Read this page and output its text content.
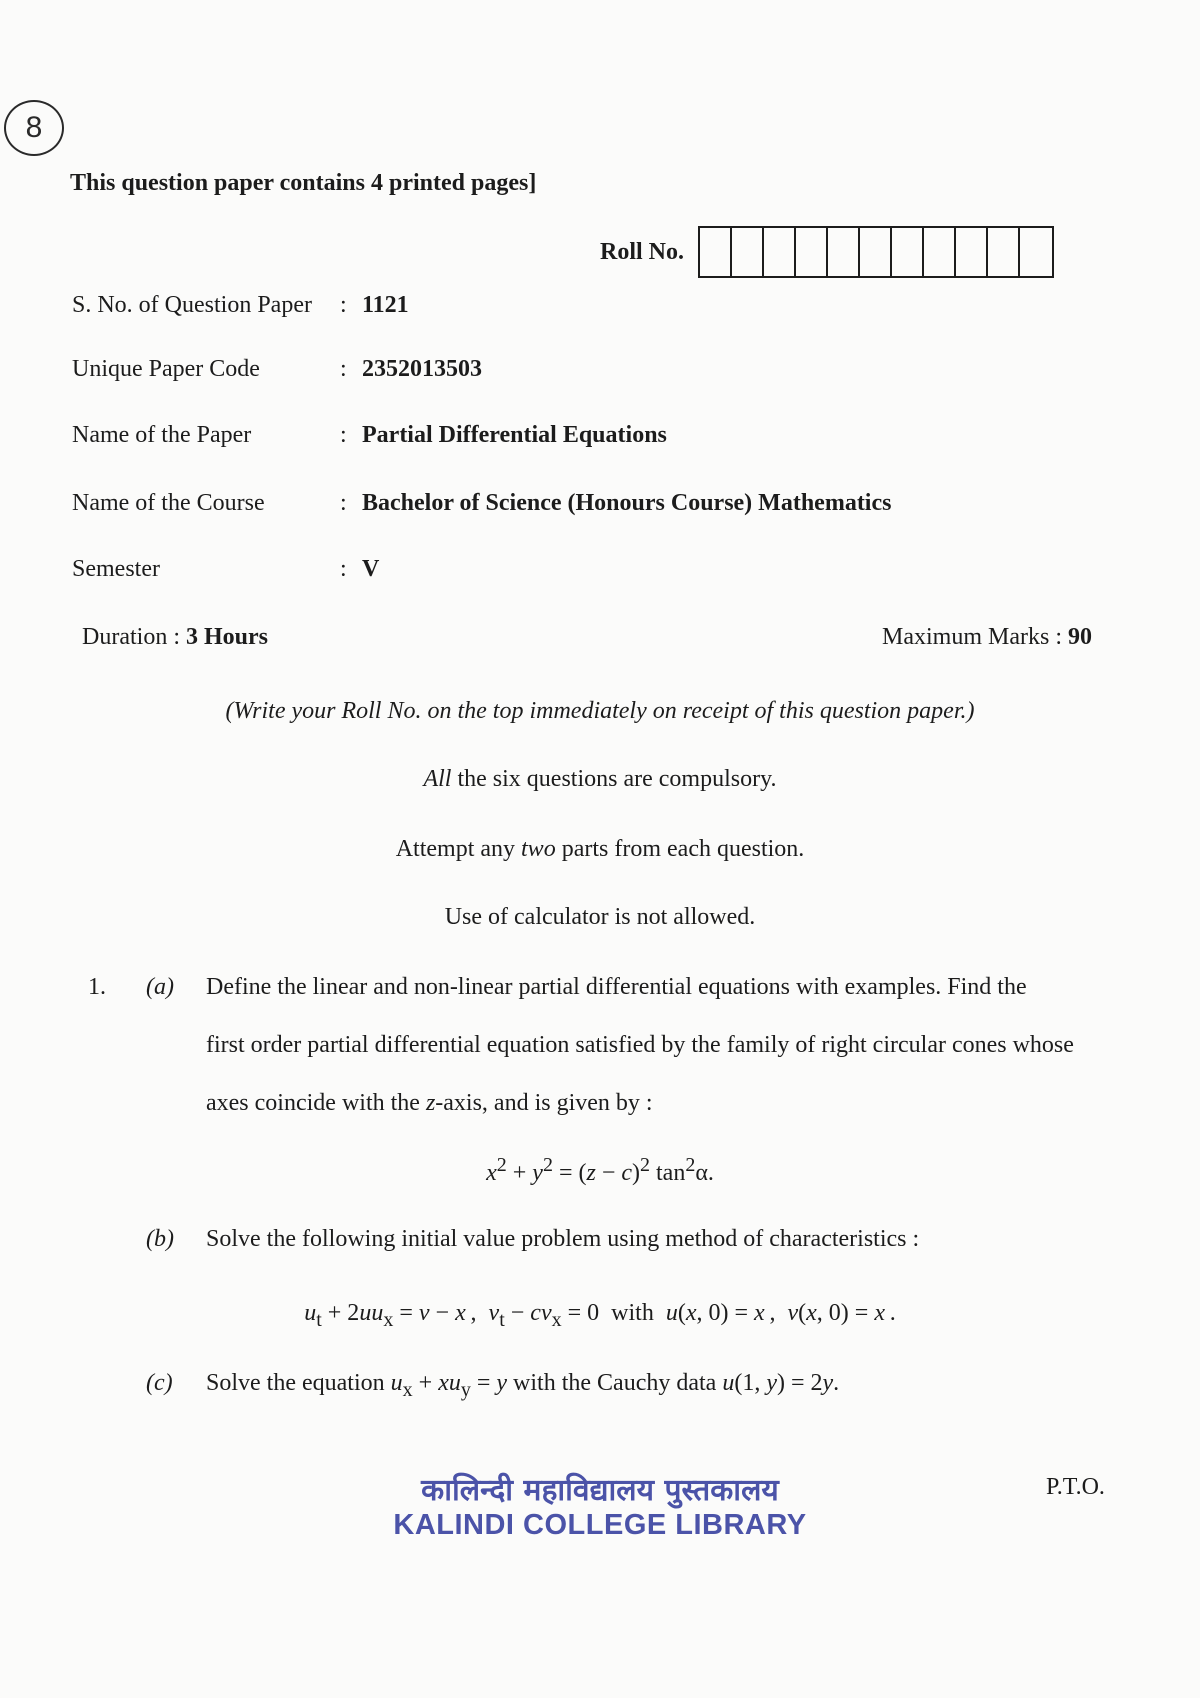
8
This question paper contains 4 printed pages]
Roll No.
S. No. of Question Paper	: 1121
Unique Paper Code	: 2352013503
Name of the Paper	: Partial Differential Equations
Name of the Course	: Bachelor of Science (Honours Course) Mathematics
Semester	: V
Duration : 3 Hours	Maximum Marks : 90
(Write your Roll No. on the top immediately on receipt of this question paper.)
All the six questions are compulsory.
Attempt any two parts from each question.
Use of calculator is not allowed.
1. (a) Define the linear and non-linear partial differential equations with examples. Find the
first order partial differential equation satisfied by the family of right circular cones whose
axes coincide with the z-axis, and is given by :
$x^2 + y^2 = (z - c)^2$ $\tan^2\alpha$.
(b) Solve the following initial value problem using method of characteristics :
$u_t + 2uu_x = v - x$ ,  $v_t - cv_x = 0$  with  u(x, 0) = x ,  v(x, 0) = x .
(c) Solve the equation $u_x + xu_y = y$ with the Cauchy data u(1, y) = 2y.
कालिन्दी महाविद्यालय पुस्तकालय
KALINDI COLLEGE LIBRARY
P.T.O.
